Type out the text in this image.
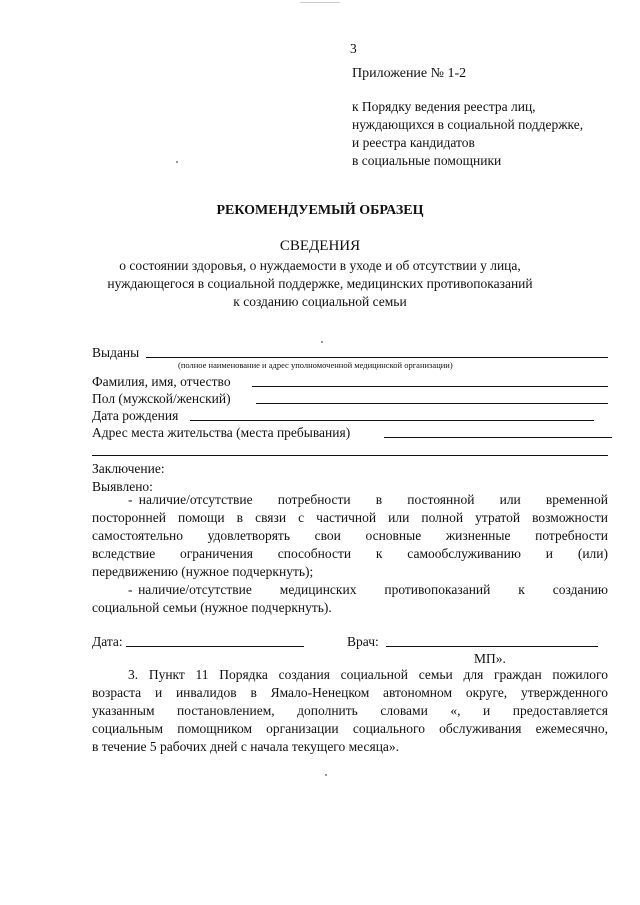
3
Приложение № 1-2
к Порядку ведения реестра лиц,
нуждающихся в социальной поддержке,
и реестра кандидатов
в социальные помощники
РЕКОМЕНДУЕМЫЙ ОБРАЗЕЦ
СВЕДЕНИЯ
о состоянии здоровья, о нуждаемости в уходе и об отсутствии у лица,
нуждающегося в социальной поддержке, медицинских противопоказаний
к созданию социальной семьи
Выданы
(полное наименование и адрес уполномоченной медицинской организации)
Фамилия, имя, отчество
Пол (мужской/женский)
Дата рождения
Адрес места жительства (места пребывания)
Заключение:
Выявлено:
- наличие/отсутствие    потребности    в    постоянной    или    временной
посторонней помощи в связи с частичной или полной утратой возможности
самостоятельно   удовлетворять   свои   основные   жизненные   потребности
вследствие   ограничения   способности   к   самообслуживанию   и   (или)
передвижению (нужное подчеркнуть);
- наличие/отсутствие     медицинских     противопоказаний     к     созданию
социальной семьи (нужное подчеркнуть).
Дата:	Врач:
МП».
3. Пункт 11 Порядка создания социальной семьи для граждан пожилого
возраста и инвалидов в Ямало-Ненецком автономном округе, утвержденного
указанным   постановлением,   дополнить   словами   «,   и   предоставляется
социальным помощником организации социального обслуживания ежемесячно,
в течение 5 рабочих дней с начала текущего месяца».
